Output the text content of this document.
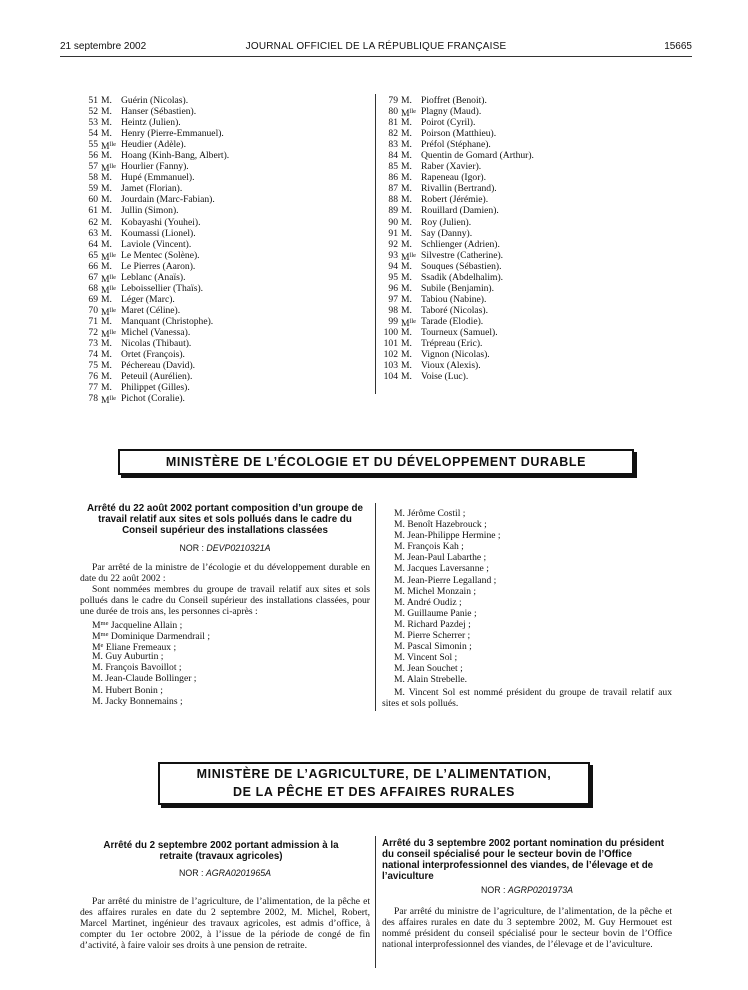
21 septembre 2002	JOURNAL OFFICIEL DE LA RÉPUBLIQUE FRANÇAISE	15665
51 M. Guérin (Nicolas).
52 M. Hanser (Sébastien).
53 M. Heintz (Julien).
54 M. Henry (Pierre-Emmanuel).
55 $M^{lle}$ Heudier (Adèle).
56 M. Hoang (Kinh-Bang, Albert).
57 $M^{lle}$ Hourlier (Fanny).
58 M. Hupé (Emmanuel).
59 M. Jamet (Florian).
60 M. Jourdain (Marc-Fabian).
61 M. Jullin (Simon).
62 M. Kobayashi (Youhei).
63 M. Koumassi (Lionel).
64 M. Laviole (Vincent).
65 $M^{lle}$ Le Mentec (Solène).
66 M. Le Pierres (Aaron).
67 $M^{lle}$ Leblanc (Anaïs).
68 $M^{lle}$ Leboissellier (Thaïs).
69 M. Léger (Marc).
70 $M^{lle}$ Maret (Céline).
71 M. Manquant (Christophe).
72 $M^{lle}$ Michel (Vanessa).
73 M. Nicolas (Thibaut).
74 M. Ortet (François).
75 M. Péchereau (David).
76 M. Peteuil (Aurélien).
77 M. Philippet (Gilles).
78 $M^{lle}$ Pichot (Coralie).
79 M. Pioffret (Benoit).
80 $M^{lle}$ Plagny (Maud).
81 M. Poirot (Cyril).
82 M. Poirson (Matthieu).
83 M. Préfol (Stéphane).
84 M. Quentin de Gomard (Arthur).
85 M. Raber (Xavier).
86 M. Rapeneau (Igor).
87 M. Rivallin (Bertrand).
88 M. Robert (Jérémie).
89 M. Rouillard (Damien).
90 M. Roy (Julien).
91 M. Say (Danny).
92 M. Schlienger (Adrien).
93 $M^{lle}$ Silvestre (Catherine).
94 M. Souques (Sébastien).
95 M. Ssadik (Abdelhalim).
96 M. Subile (Benjamin).
97 M. Tabiou (Nabine).
98 M. Taboré (Nicolas).
99 $M^{lle}$ Tarade (Elodie).
100 M. Tourneux (Samuel).
101 M. Trépreau (Eric).
102 M. Vignon (Nicolas).
103 M. Vioux (Alexis).
104 M. Voise (Luc).
MINISTÈRE DE L’ÉCOLOGIE ET DU DÉVELOPPEMENT DURABLE
Arrêté du 22 août 2002 portant composition d’un groupe de travail relatif aux sites et sols pollués dans le cadre du Conseil supérieur des installations classées
NOR : DEVP0210321A

Par arrêté de la ministre de l’écologie et du développement durable en date du 22 août 2002 :

Sont nommées membres du groupe de travail relatif aux sites et sols pollués dans le cadre du Conseil supérieur des installations classées, pour une durée de trois ans, les personnes ci-après :

$M^{me}$ Jacqueline Allain ;
$M^{me}$ Dominique Darmendrail ;
Me Eliane Fremeaux ;
M. Guy Auburtin ;
M. François Bavoillot ;
M. Jean-Claude Bollinger ;
M. Hubert Bonin ;
M. Jacky Bonnemains ;
M. Jérôme Costil ;
M. Benoît Hazebrouck ;
M. Jean-Philippe Hermine ;
M. François Kah ;
M. Jean-Paul Labarthe ;
M. Jacques Laversanne ;
M. Jean-Pierre Legalland ;
M. Michel Monzain ;
M. André Oudiz ;
M. Guillaume Panie ;
M. Richard Pazdej ;
M. Pierre Scherrer ;
M. Pascal Simonin ;
M. Vincent Sol ;
M. Jean Souchet ;
M. Alain Strebelle.

M. Vincent Sol est nommé président du groupe de travail relatif aux sites et sols pollués.

MINISTÈRE DE L’AGRICULTURE, DE L’ALIMENTATION,
DE LA PÊCHE ET DES AFFAIRES RURALES
Arrêté du 2 septembre 2002 portant admission à la retraite (travaux agricoles)
NOR : AGRA0201965A

Par arrêté du ministre de l’agriculture, de l’alimentation, de la pêche et des affaires rurales en date du 2 septembre 2002, M. Michel, Robert, Marcel Martinet, ingénieur des travaux agricoles, est admis d’office, à compter du 1er octobre 2002, à l’issue de la période de congé de fin d’activité, à faire valoir ses droits à une pension de retraite.

Arrêté du 3 septembre 2002 portant nomination du président du conseil spécialisé pour le secteur bovin de l’Office national interprofessionnel des viandes, de l’élevage et de l’aviculture
NOR : AGRP0201973A

Par arrêté du ministre de l’agriculture, de l’alimentation, de la pêche et des affaires rurales en date du 3 septembre 2002, M. Guy Hermouet est nommé président du conseil spécialisé pour le secteur bovin de l’Office national interprofessionnel des viandes, de l’élevage et de l’aviculture.
